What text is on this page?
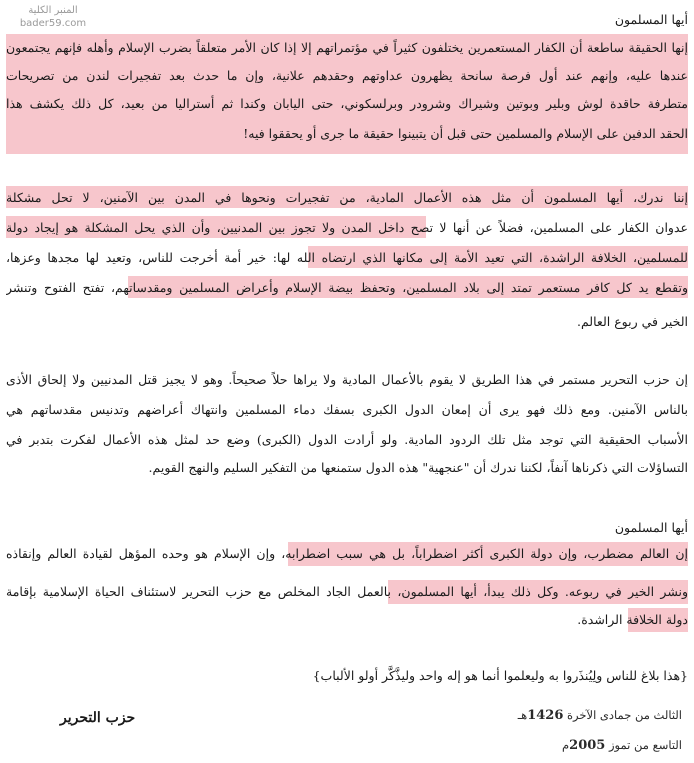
المنبر الكلية
bader59.com	أيها المسلمون
إنها الحقيقة ساطعة أن الكفار المستعمرين يختلفون كثيراً في مؤتمراتهم إلا إذا كان الأمر متعلقاً بضرب الإسلام وأهله فإنهم يجتمعون
عندها عليه، وإنهم عند أول فرصة سانحة يظهرون عداوتهم وحقدهم علانية، وإن ما حدث بعد تفجيرات لندن من تصريحات
متطرفة حاقدة لوش وبلير وبوتين وشيراك وشرودر وبرلسكوني، حتى اليابان وكندا ثم أستراليا من بعيد، كل ذلك يكشف هذا
الحقد الدفين على الإسلام والمسلمين حتى قبل أن يتبينوا حقيقة ما جرى أو يحققوا فيه!
إننا ندرك، أيها المسلمون أن مثل هذه الأعمال المادية، من تفجيرات ونحوها في المدن بين الآمنين، لا تحل مشكلة
عدوان الكفار على المسلمين، فضلاً عن أنها لا تصح داخل المدن ولا تجوز بين المدنيين، وأن الذي يحل المشكلة هو إيجاد دولة
للمسلمين، الخلافة الراشدة، التي تعيد الأمة إلى مكانها الذي ارتضاه الله لها: خير أمة أخرجت للناس، وتعيد لها مجدها وعزها،
وتقطع يد كل كافر مستعمر تمتد إلى بلاد المسلمين، وتحفظ بيضة الإسلام وأعراض المسلمين ومقدساتهم، تفتح الفتوح وتنشر
الخير في ربوع العالم.
إن حزب التحرير مستمر في هذا الطريق لا يقوم بالأعمال المادية ولا يراها حلاً صحيحاً. وهو لا يجيز قتل المدنيين ولا إلحاق الأذى
بالناس الآمنين. ومع ذلك فهو يرى أن إمعان الدول الكبرى بسفك دماء المسلمين وانتهاك أعراضهم وتدنيس مقدساتهم هي
الأسباب الحقيقية التي توجد مثل تلك الردود المادية. ولو أرادت الدول (الكبرى) وضع حد لمثل هذه الأعمال لفكرت بتدبر في
التساؤلات التي ذكرناها آنفاً، لكننا ندرك أن "عنجهية" هذه الدول ستمنعها من التفكير السليم والنهج القويم.
أيها المسلمون
إن العالم مضطرب، وإن دولة الكبرى أكثر اضطراباً، بل هي سبب اضطرابه، وإن الإسلام هو وحده المؤهل لقيادة العالم وإنقاذه
ونشر الخير في ربوعه. وكل ذلك يبدأ، أيها المسلمون، بالعمل الجاد المخلص مع حزب التحرير لاستئناف الحياة الإسلامية بإقامة
دولة الخلافة الراشدة.
{هذا بلاغ للناس ولِيُنذَروا به وليعلموا أنما هو إله واحد وليذَّكَّر أولو الألباب}
الثالث من جمادى الآخرة 1426هـ
التاسع من تموز 2005م
حزب التحرير
